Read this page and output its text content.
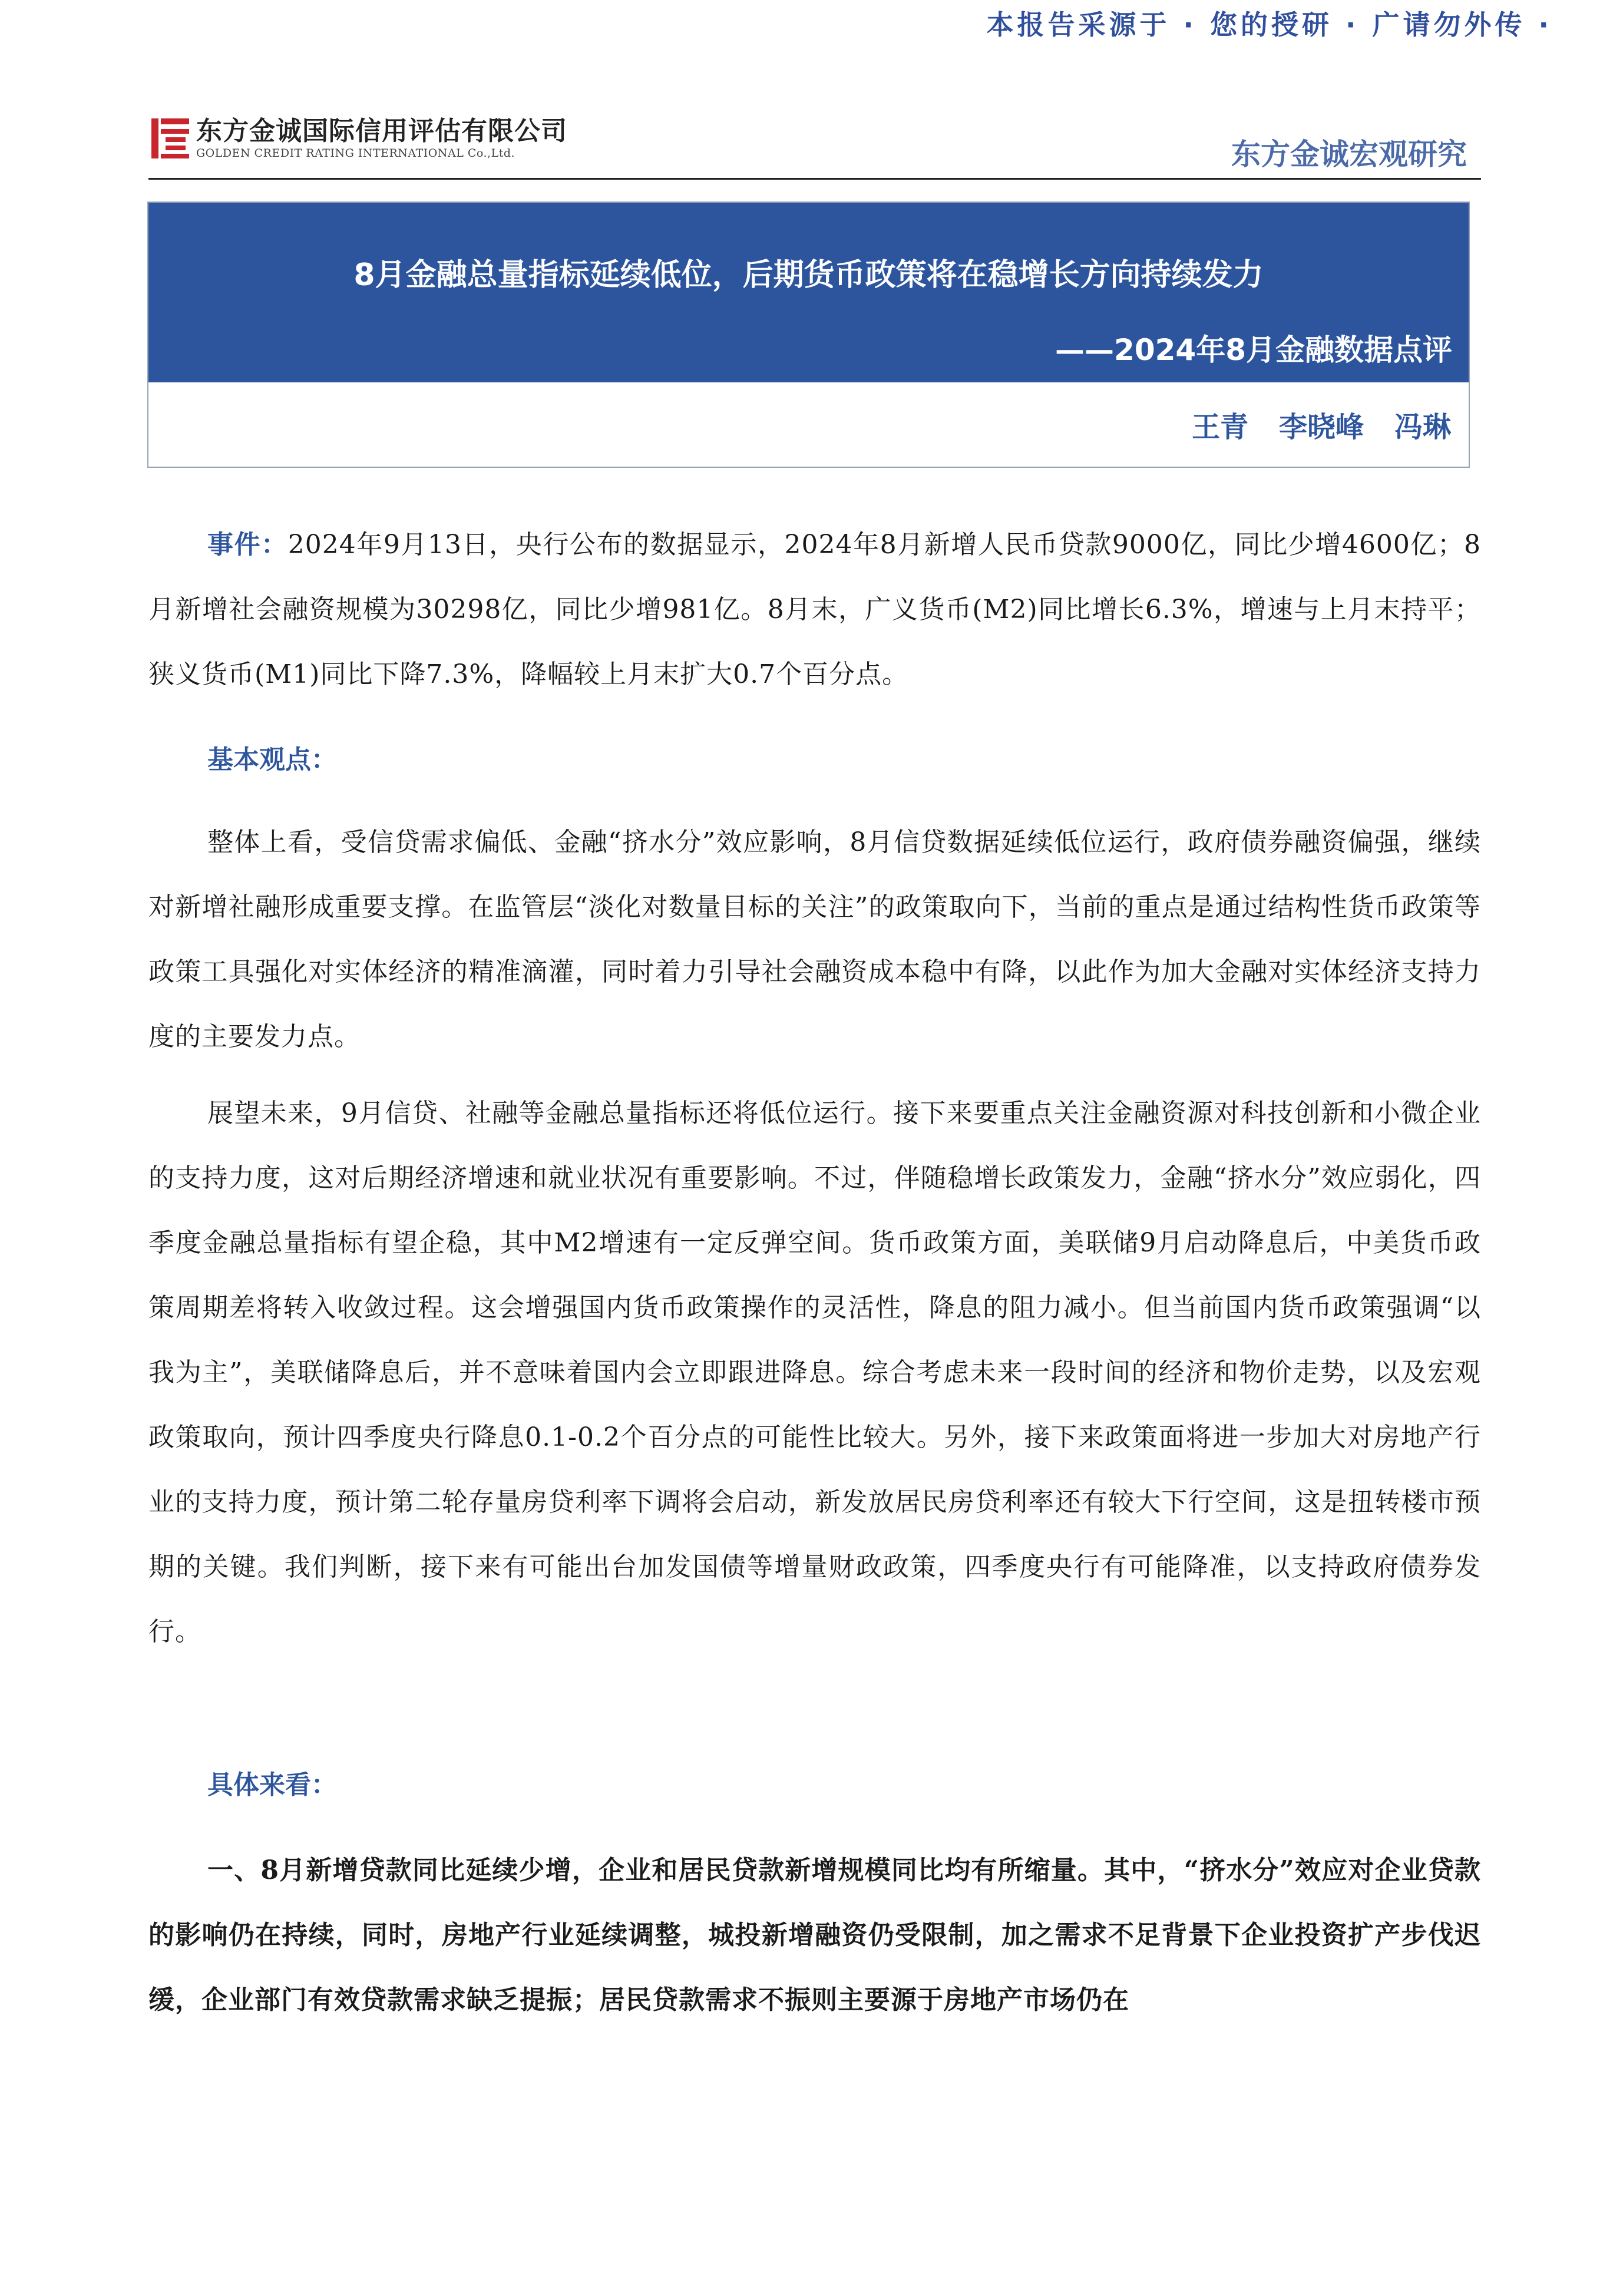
本报告采源于 · 您的授研 · 广请勿外传 ·
东方金诚国际信用评估有限公司
GOLDEN CREDIT RATING INTERNATIONAL Co.,Ltd.	东方金诚宏观研究
8月金融总量指标延续低位，后期货币政策将在稳增长方向持续发力
——2024年8月金融数据点评
王青 李晓峰 冯琳

事件：2024年9月13日，央行公布的数据显示，2024年8月新增人民币贷款9000亿，同比少增4600亿；8月新增社会融资规模为30298亿，同比少增981亿。8月末，广义货币(M2)同比增长6.3%，增速与上月末持平；狭义货币(M1)同比下降7.3%，降幅较上月末扩大0.7个百分点。

基本观点：

整体上看，受信贷需求偏低、金融“挤水分”效应影响，8月信贷数据延续低位运行，政府债券融资偏强，继续对新增社融形成重要支撑。在监管层“淡化对数量目标的关注”的政策取向下，当前的重点是通过结构性货币政策等政策工具强化对实体经济的精准滴灌，同时着力引导社会融资成本稳中有降，以此作为加大金融对实体经济支持力度的主要发力点。

展望未来，9月信贷、社融等金融总量指标还将低位运行。接下来要重点关注金融资源对科技创新和小微企业的支持力度，这对后期经济增速和就业状况有重要影响。不过，伴随稳增长政策发力，金融“挤水分”效应弱化，四季度金融总量指标有望企稳，其中M2增速有一定反弹空间。货币政策方面，美联储9月启动降息后，中美货币政策周期差将转入收敛过程。这会增强国内货币政策操作的灵活性，降息的阻力减小。但当前国内货币政策强调“以我为主”，美联储降息后，并不意味着国内会立即跟进降息。综合考虑未来一段时间的经济和物价走势，以及宏观政策取向，预计四季度央行降息0.1-0.2个百分点的可能性比较大。另外，接下来政策面将进一步加大对房地产行业的支持力度，预计第二轮存量房贷利率下调将会启动，新发放居民房贷利率还有较大下行空间，这是扭转楼市预期的关键。我们判断，接下来有可能出台加发国债等增量财政政策，四季度央行有可能降准，以支持政府债券发行。

具体来看：

一、8月新增贷款同比延续少增，企业和居民贷款新增规模同比均有所缩量。其中，“挤水分”效应对企业贷款的影响仍在持续，同时，房地产行业延续调整，城投新增融资仍受限制，加之需求不足背景下企业投资扩产步伐迟缓，企业部门有效贷款需求缺乏提振；居民贷款需求不振则主要源于房地产市场仍在

1
